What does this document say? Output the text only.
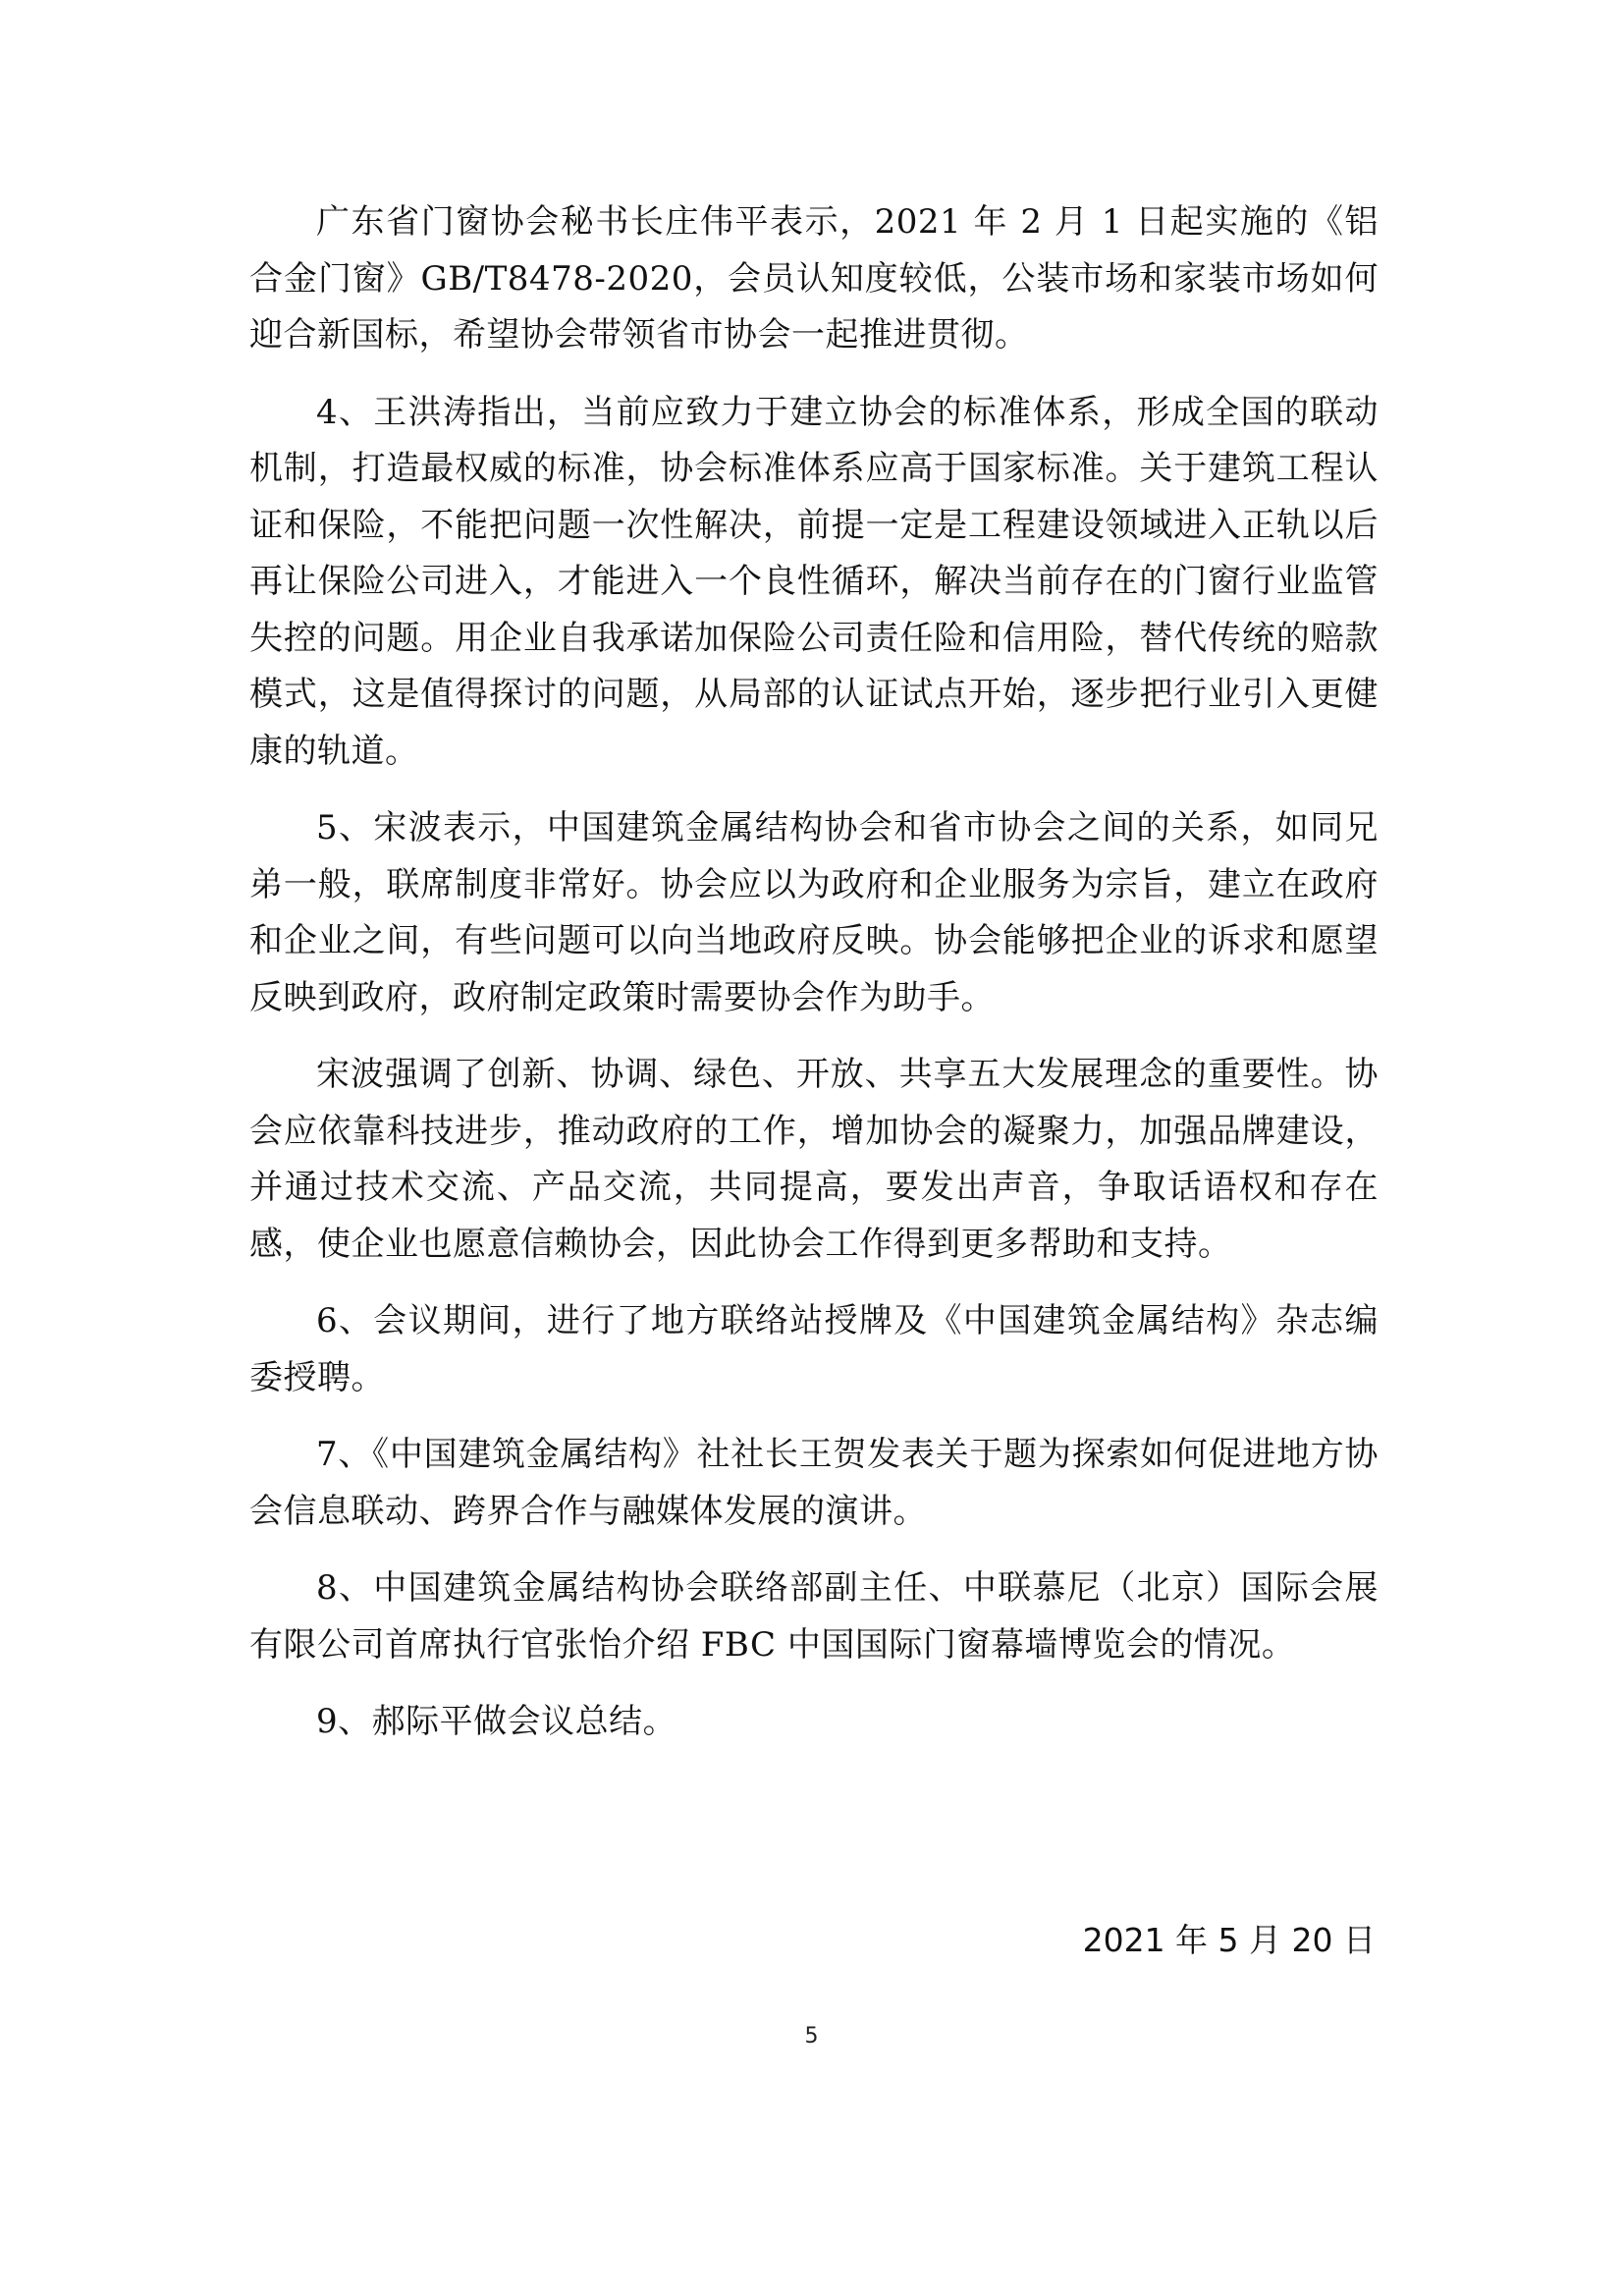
广东省门窗协会秘书长庄伟平表示，2021 年 2 月 1 日起实施的《铝合金门窗》GB/T8478-2020，会员认知度较低，公装市场和家装市场如何迎合新国标，希望协会带领省市协会一起推进贯彻。

4、王洪涛指出，当前应致力于建立协会的标准体系，形成全国的联动机制，打造最权威的标准，协会标准体系应高于国家标准。关于建筑工程认证和保险，不能把问题一次性解决，前提一定是工程建设领域进入正轨以后再让保险公司进入，才能进入一个良性循环，解决当前存在的门窗行业监管失控的问题。用企业自我承诺加保险公司责任险和信用险，替代传统的赔款模式，这是值得探讨的问题，从局部的认证试点开始，逐步把行业引入更健康的轨道。

5、宋波表示，中国建筑金属结构协会和省市协会之间的关系，如同兄弟一般，联席制度非常好。协会应以为政府和企业服务为宗旨，建立在政府和企业之间，有些问题可以向当地政府反映。协会能够把企业的诉求和愿望反映到政府，政府制定政策时需要协会作为助手。

宋波强调了创新、协调、绿色、开放、共享五大发展理念的重要性。协会应依靠科技进步，推动政府的工作，增加协会的凝聚力，加强品牌建设，并通过技术交流、产品交流，共同提高，要发出声音，争取话语权和存在感，使企业也愿意信赖协会，因此协会工作得到更多帮助和支持。

6、会议期间，进行了地方联络站授牌及《中国建筑金属结构》杂志编委授聘。

7、《中国建筑金属结构》社社长王贺发表关于题为探索如何促进地方协会信息联动、跨界合作与融媒体发展的演讲。

8、中国建筑金属结构协会联络部副主任、中联慕尼（北京）国际会展有限公司首席执行官张怡介绍 FBC 中国国际门窗幕墙博览会的情况。

9、郝际平做会议总结。

2021 年 5 月 20 日
5
